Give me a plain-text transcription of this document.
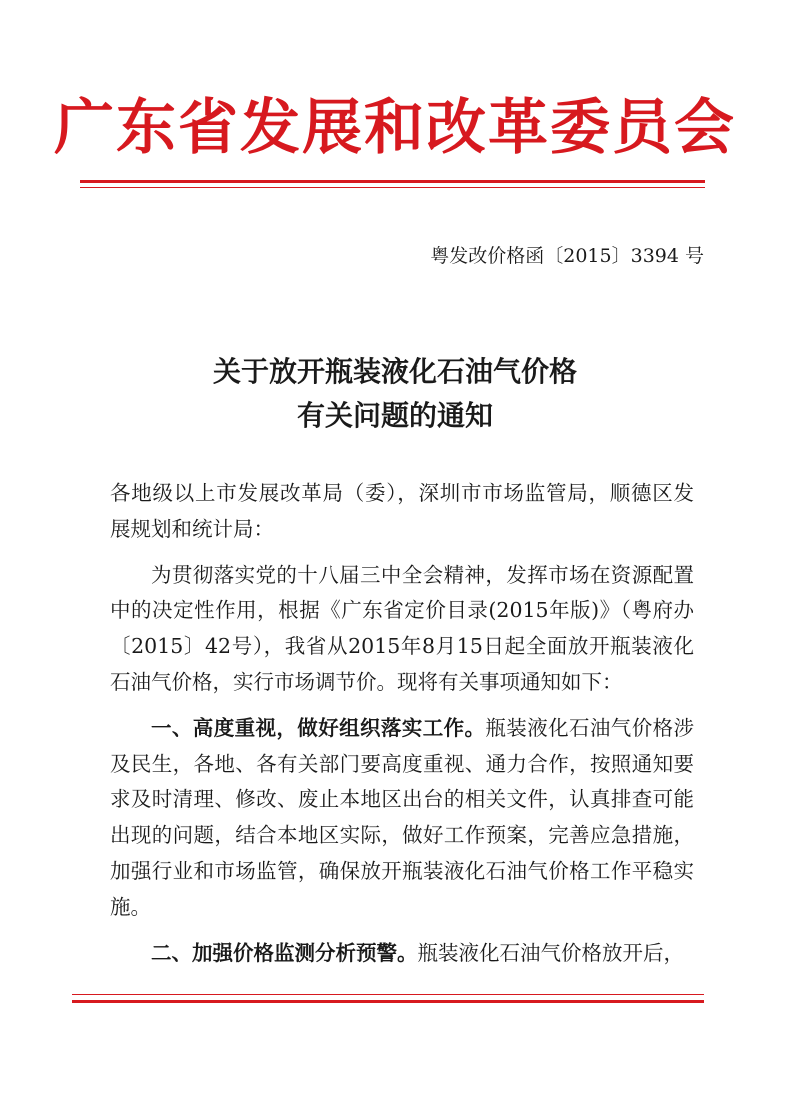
广东省发展和改革委员会
粤发改价格函〔2015〕3394 号
关于放开瓶装液化石油气价格
有关问题的通知

各地级以上市发展改革局（委），深圳市市场监管局，顺德区发展规划和统计局：

为贯彻落实党的十八届三中全会精神，发挥市场在资源配置中的决定性作用，根据《广东省定价目录(2015年版)》（粤府办〔2015〕42号），我省从2015年8月15日起全面放开瓶装液化石油气价格，实行市场调节价。现将有关事项通知如下：

一、高度重视，做好组织落实工作。瓶装液化石油气价格涉及民生，各地、各有关部门要高度重视、通力合作，按照通知要求及时清理、修改、废止本地区出台的相关文件，认真排查可能出现的问题，结合本地区实际，做好工作预案，完善应急措施，加强行业和市场监管，确保放开瓶装液化石油气价格工作平稳实施。

二、加强价格监测分析预警。瓶装液化石油气价格放开后，
